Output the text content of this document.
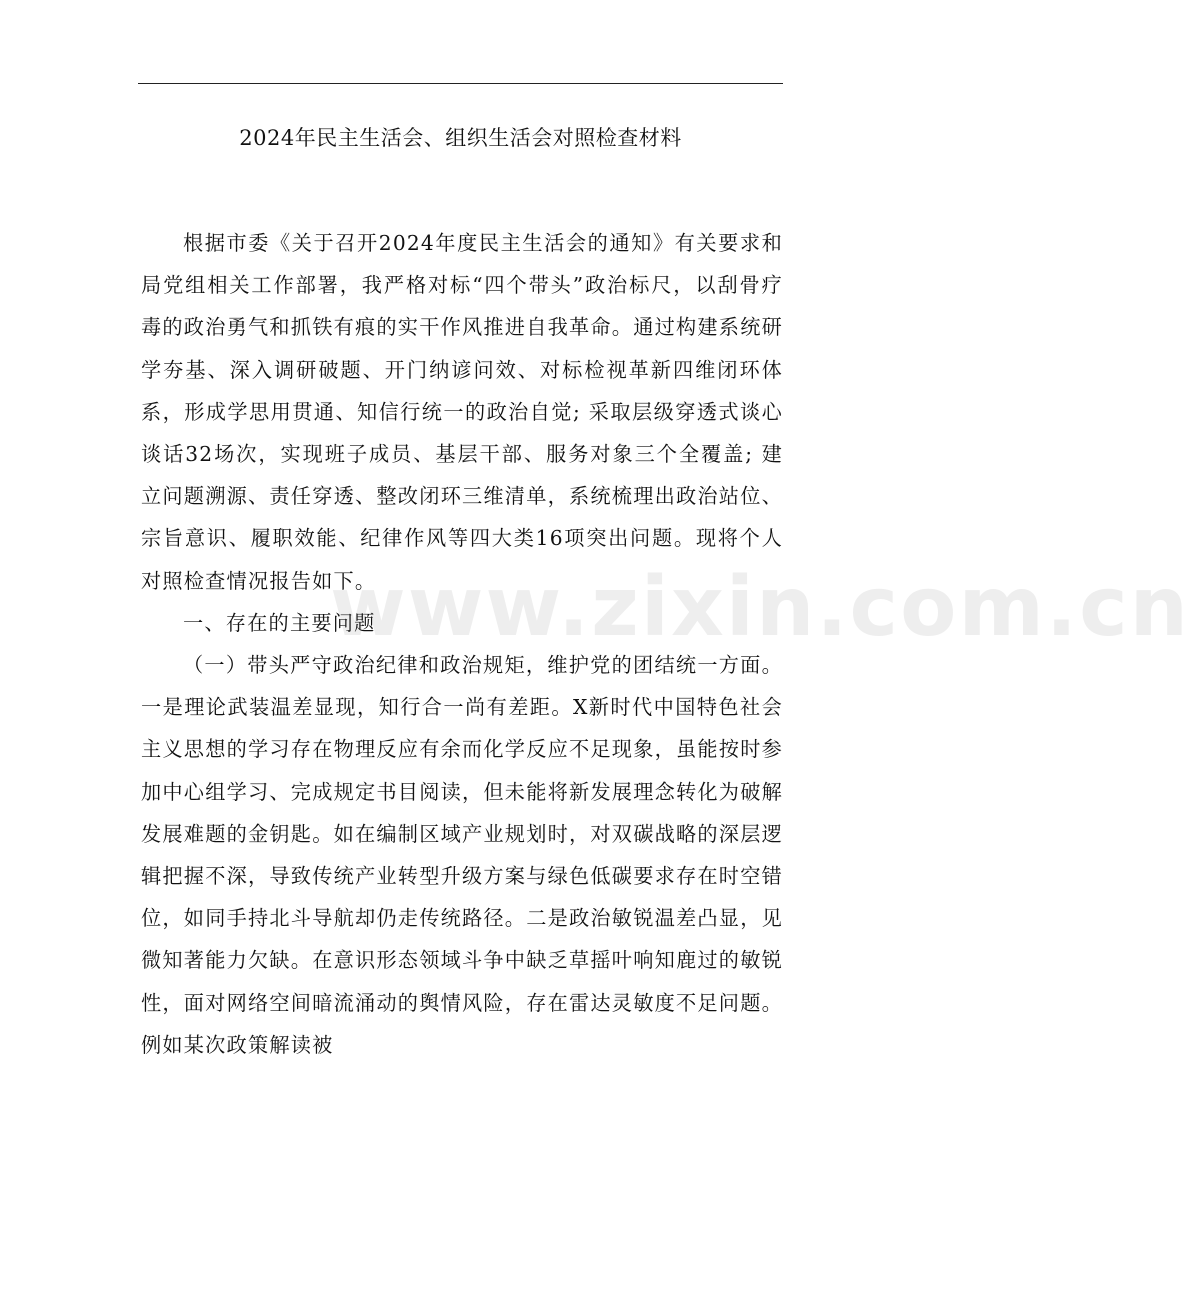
2024年民主生活会、组织生活会对照检查材料

根据市委《关于召开2024年度民主生活会的通知》有关要求和局党组相关工作部署，我严格对标“四个带头”政治标尺，以刮骨疗毒的政治勇气和抓铁有痕的实干作风推进自我革命。通过构建系统研学夯基、深入调研破题、开门纳谚问效、对标检视革新四维闭环体系，形成学思用贯通、知信行统一的政治自觉; 采取层级穿透式谈心谈话32场次，实现班子成员、基层干部、服务对象三个全覆盖; 建立问题溯源、责任穿透、整改闭环三维清单，系统梳理出政治站位、宗旨意识、履职效能、纪律作风等四大类16项突出问题。现将个人对照检查情况报告如下。

一、存在的主要问题

（一）带头严守政治纪律和政治规矩，维护党的团结统一方面。一是理论武装温差显现，知行合一尚有差距。X新时代中国特色社会主义思想的学习存在物理反应有余而化学反应不足现象，虽能按时参加中心组学习、完成规定书目阅读，但未能将新发展理念转化为破解发展难题的金钥匙。如在编制区域产业规划时，对双碳战略的深层逻辑把握不深，导致传统产业转型升级方案与绿色低碳要求存在时空错位，如同手持北斗导航却仍走传统路径。二是政治敏锐温差凸显，见微知著能力欠缺。在意识形态领域斗争中缺乏草摇叶响知鹿过的敏锐性，面对网络空间暗流涌动的舆情风险，存在雷达灵敏度不足问题。例如某次政策解读被

www.zixin.com.cn
